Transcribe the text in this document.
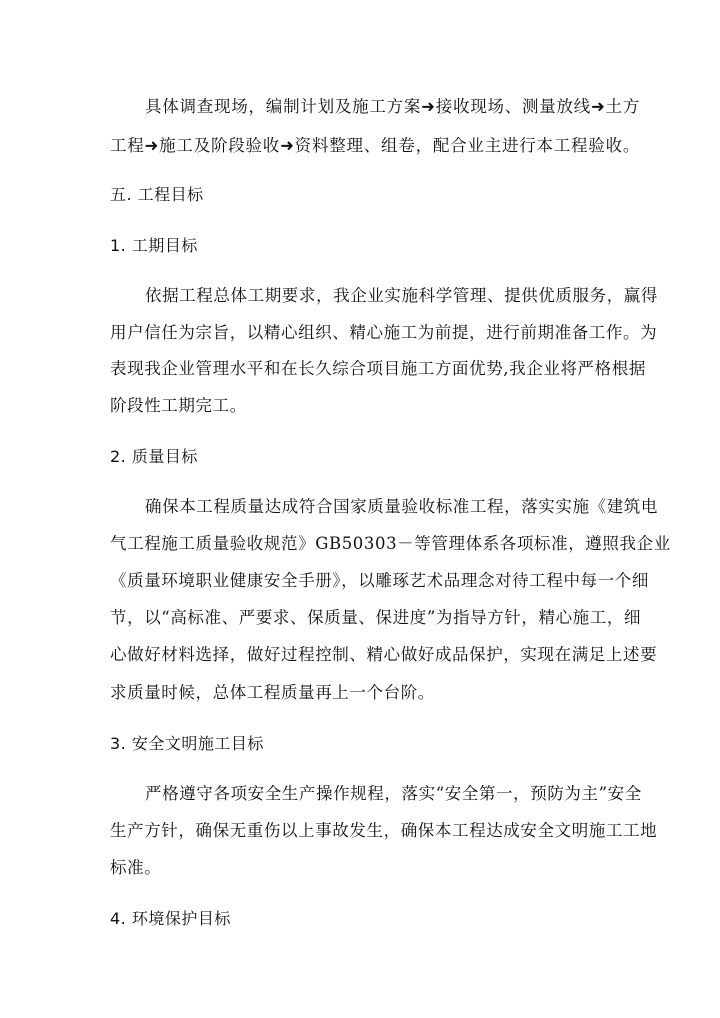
具体调查现场，编制计划及施工方案➜接收现场、测量放线➜土方
工程➜施工及阶段验收➜资料整理、组卷，配合业主进行本工程验收。
五. 工程目标
1. 工期目标
依据工程总体工期要求，我企业实施科学管理、提供优质服务，赢得
用户信任为宗旨，以精心组织、精心施工为前提，进行前期准备工作。为
表现我企业管理水平和在长久综合项目施工方面优势,我企业将严格根据
阶段性工期完工。
2. 质量目标
确保本工程质量达成符合国家质量验收标准工程，落实实施《建筑电
气工程施工质量验收规范》GB50303－等管理体系各项标准，遵照我企业
《质量环境职业健康安全手册》，以雕琢艺术品理念对待工程中每一个细
节，以“高标准、严要求、保质量、保进度”为指导方针，精心施工，细
心做好材料选择，做好过程控制、精心做好成品保护，实现在满足上述要
求质量时候，总体工程质量再上一个台阶。
3. 安全文明施工目标
严格遵守各项安全生产操作规程，落实“安全第一，预防为主”安全
生产方针，确保无重伤以上事故发生，确保本工程达成安全文明施工工地
标准。
4. 环境保护目标
